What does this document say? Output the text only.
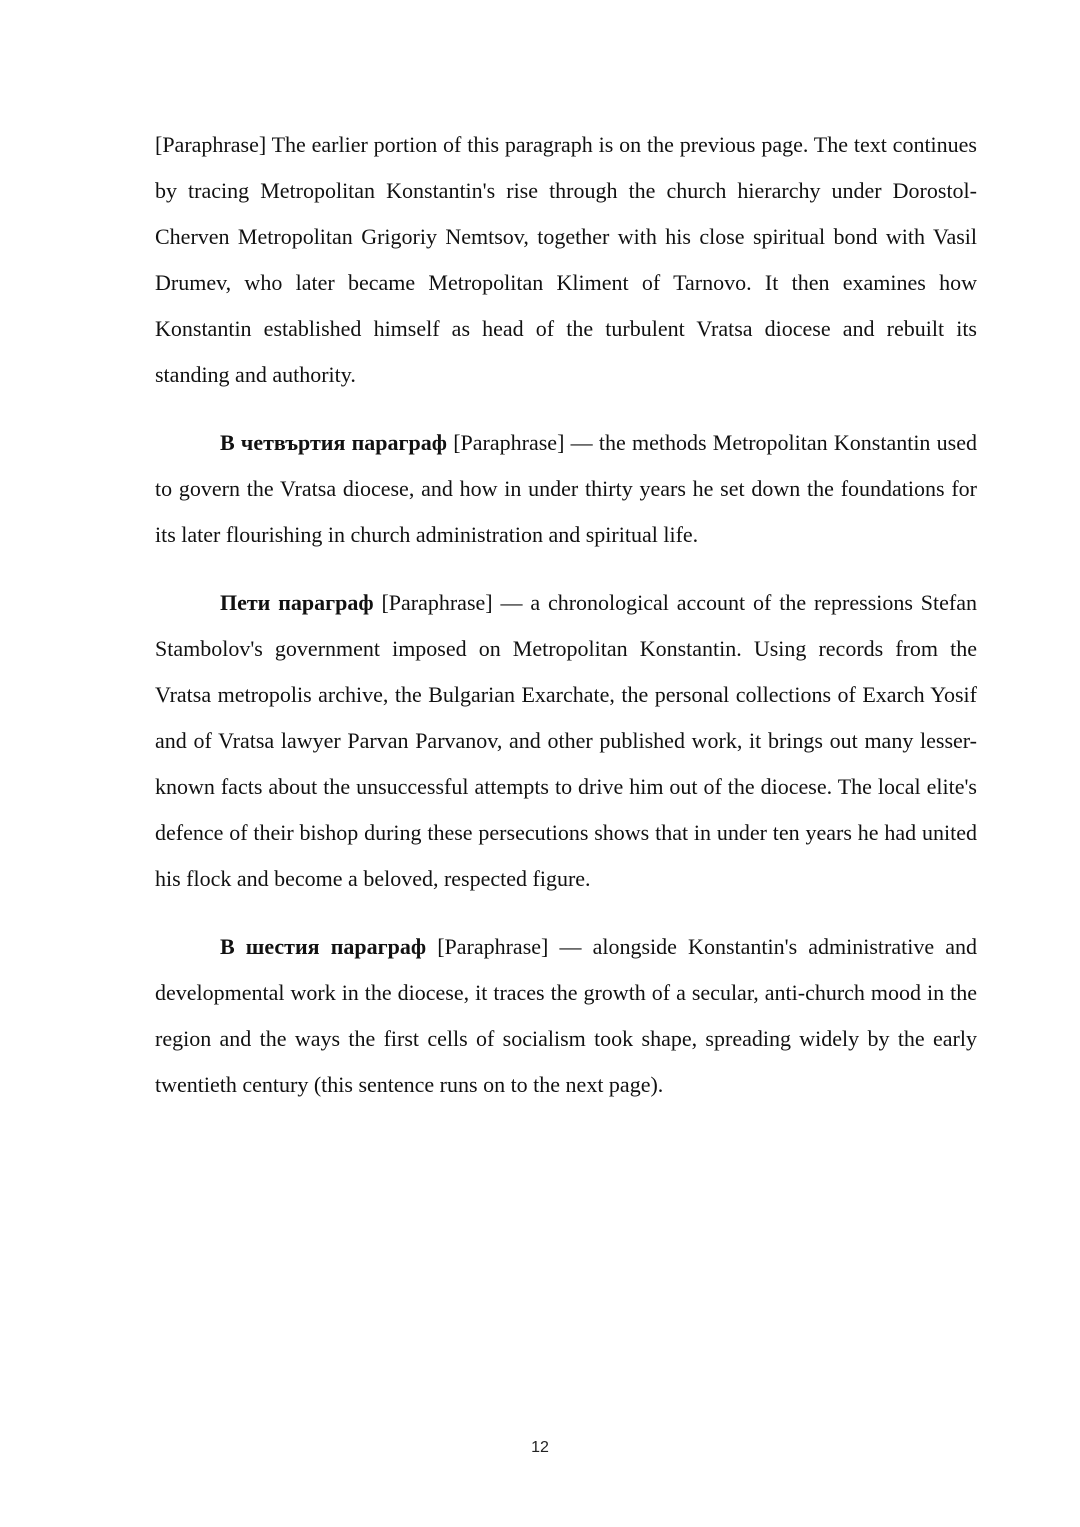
[Paraphrase] The earlier portion of this paragraph is on the previous page. The text continues by tracing Metropolitan Konstantin's rise through the church hierarchy under Dorostol-Cherven Metropolitan Grigoriy Nemtsov, together with his close spiritual bond with Vasil Drumev, who later became Metropolitan Kliment of Tarnovo. It then examines how Konstantin established himself as head of the turbulent Vratsa diocese and rebuilt its standing and authority.

В четвъртия параграф [Paraphrase] — the methods Metropolitan Konstantin used to govern the Vratsa diocese, and how in under thirty years he set down the foundations for its later flourishing in church administration and spiritual life.

Пети параграф [Paraphrase] — a chronological account of the repressions Stefan Stambolov's government imposed on Metropolitan Konstantin. Using records from the Vratsa metropolis archive, the Bulgarian Exarchate, the personal collections of Exarch Yosif and of Vratsa lawyer Parvan Parvanov, and other published work, it brings out many lesser-known facts about the unsuccessful attempts to drive him out of the diocese. The local elite's defence of their bishop during these persecutions shows that in under ten years he had united his flock and become a beloved, respected figure.

В шестия параграф [Paraphrase] — alongside Konstantin's administrative and developmental work in the diocese, it traces the growth of a secular, anti-church mood in the region and the ways the first cells of socialism took shape, spreading widely by the early twentieth century (this sentence runs on to the next page).

12
